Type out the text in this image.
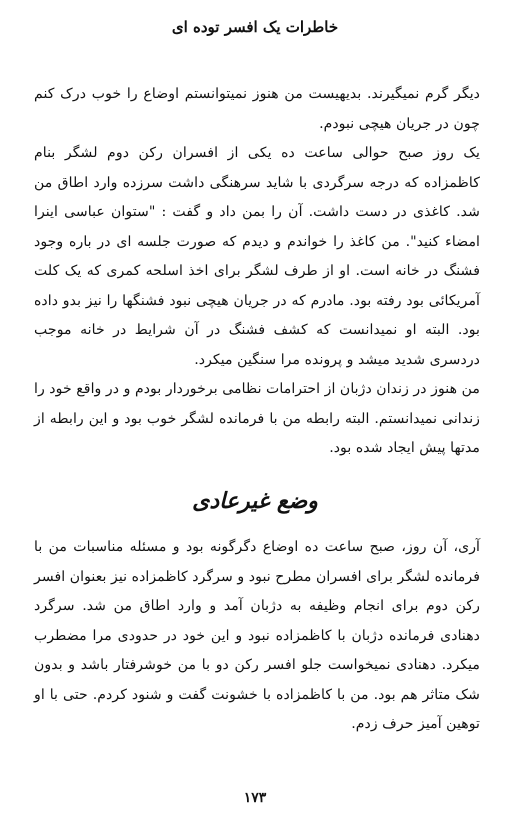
خاطرات یک افسر توده ای

دیگر گرم نمیگیرند. بدیهیست من هنوز نمیتوانستم اوضاع را خوب درک کنم چون در جریان هیچی نبودم.

یک روز صبح حوالی ساعت ده یکی از افسران رکن دوم لشگر بنام کاظمزاده که درجه سرگردی با شاید سرهنگی داشت سرزده وارد اطاق من شد. کاغذی در دست داشت. آن را بمن داد و گفت : "ستوان عباسی اینرا امضاء کنید". من کاغذ را خواندم و دیدم که صورت جلسه ای در باره وجود فشنگ در خانه است. او از طرف لشگر برای اخذ اسلحه کمری که یک کلت آمریکائی بود رفته بود. مادرم که در جریان هیچی نبود فشنگها را نیز بدو داده بود. البته او نمیدانست که کشف فشنگ در آن شرایط در خانه موجب دردسری شدید میشد و پرونده مرا سنگین میکرد.

من هنوز در زندان دژبان از احترامات نظامی برخوردار بودم و در واقع خود را زندانی نمیدانستم. البته رابطه من با فرمانده لشگر خوب بود و این رابطه از مدتها پیش ایجاد شده بود.

وضع غیرعادی

آری، آن روز، صبح ساعت ده اوضاع دگرگونه بود و مسئله مناسبات من با فرمانده لشگر برای افسران مطرح نبود و سرگرد کاظمزاده نیز بعنوان افسر رکن دوم برای انجام وظیفه به دژبان آمد و وارد اطاق من شد. سرگرد دهنادی فرمانده دژبان با کاظمزاده نبود و این خود در حدودی مرا مضطرب میکرد. دهنادی نمیخواست جلو افسر رکن دو با من خوشرفتار باشد و بدون شک متاثر هم بود. من با کاظمزاده با خشونت گفت و شنود کردم. حتی با او توهین آمیز حرف زدم.

۱۷۳
